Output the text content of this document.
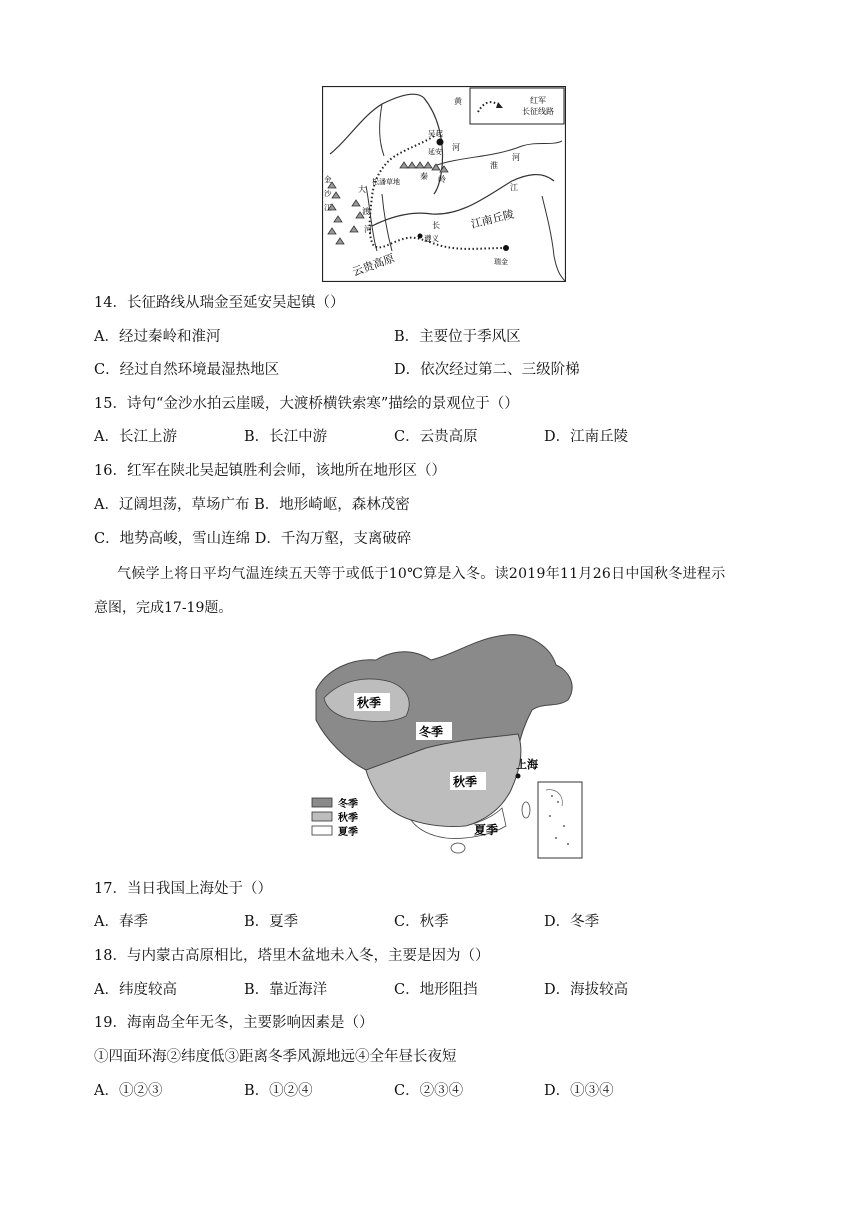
红军
长征线路
黄
河
吴起
延安
淮
河
秦 岭
松潘草地
大
渡
河	长
江
遵义
瑞金
江南丘陵
云贵高原
金
沙
江
14．长征路线从瑞金至延安吴起镇（）
A．经过秦岭和淮河	B．主要位于季风区
C．经过自然环境最湿热地区	D．依次经过第二、三级阶梯
15．诗句“金沙水拍云崖暖，大渡桥横铁索寒”描绘的景观位于（）
A．长江上游	B．长江中游	C．云贵高原	D．江南丘陵
16．红军在陕北吴起镇胜利会师，该地所在地形区（）
A．辽阔坦荡，草场广布 B．地形崎岖，森林茂密
C．地势高峻，雪山连绵 D．千沟万壑，支离破碎
气候学上将日平均气温连续五天等于或低于10℃算是入冬。读2019年11月26日中国秋冬进程示
意图，完成17-19题。
秋季
冬季
秋季
夏季
上海
冬季
秋季
夏季
17．当日我国上海处于（）
A．春季	B．夏季	C．秋季	D．冬季
18．与内蒙古高原相比，塔里木盆地未入冬，主要是因为（）
A．纬度较高	B．靠近海洋	C．地形阻挡	D．海拔较高
19．海南岛全年无冬，主要影响因素是（）
①四面环海②纬度低③距离冬季风源地远④全年昼长夜短
A．①②③	B．①②④	C．②③④	D．①③④
